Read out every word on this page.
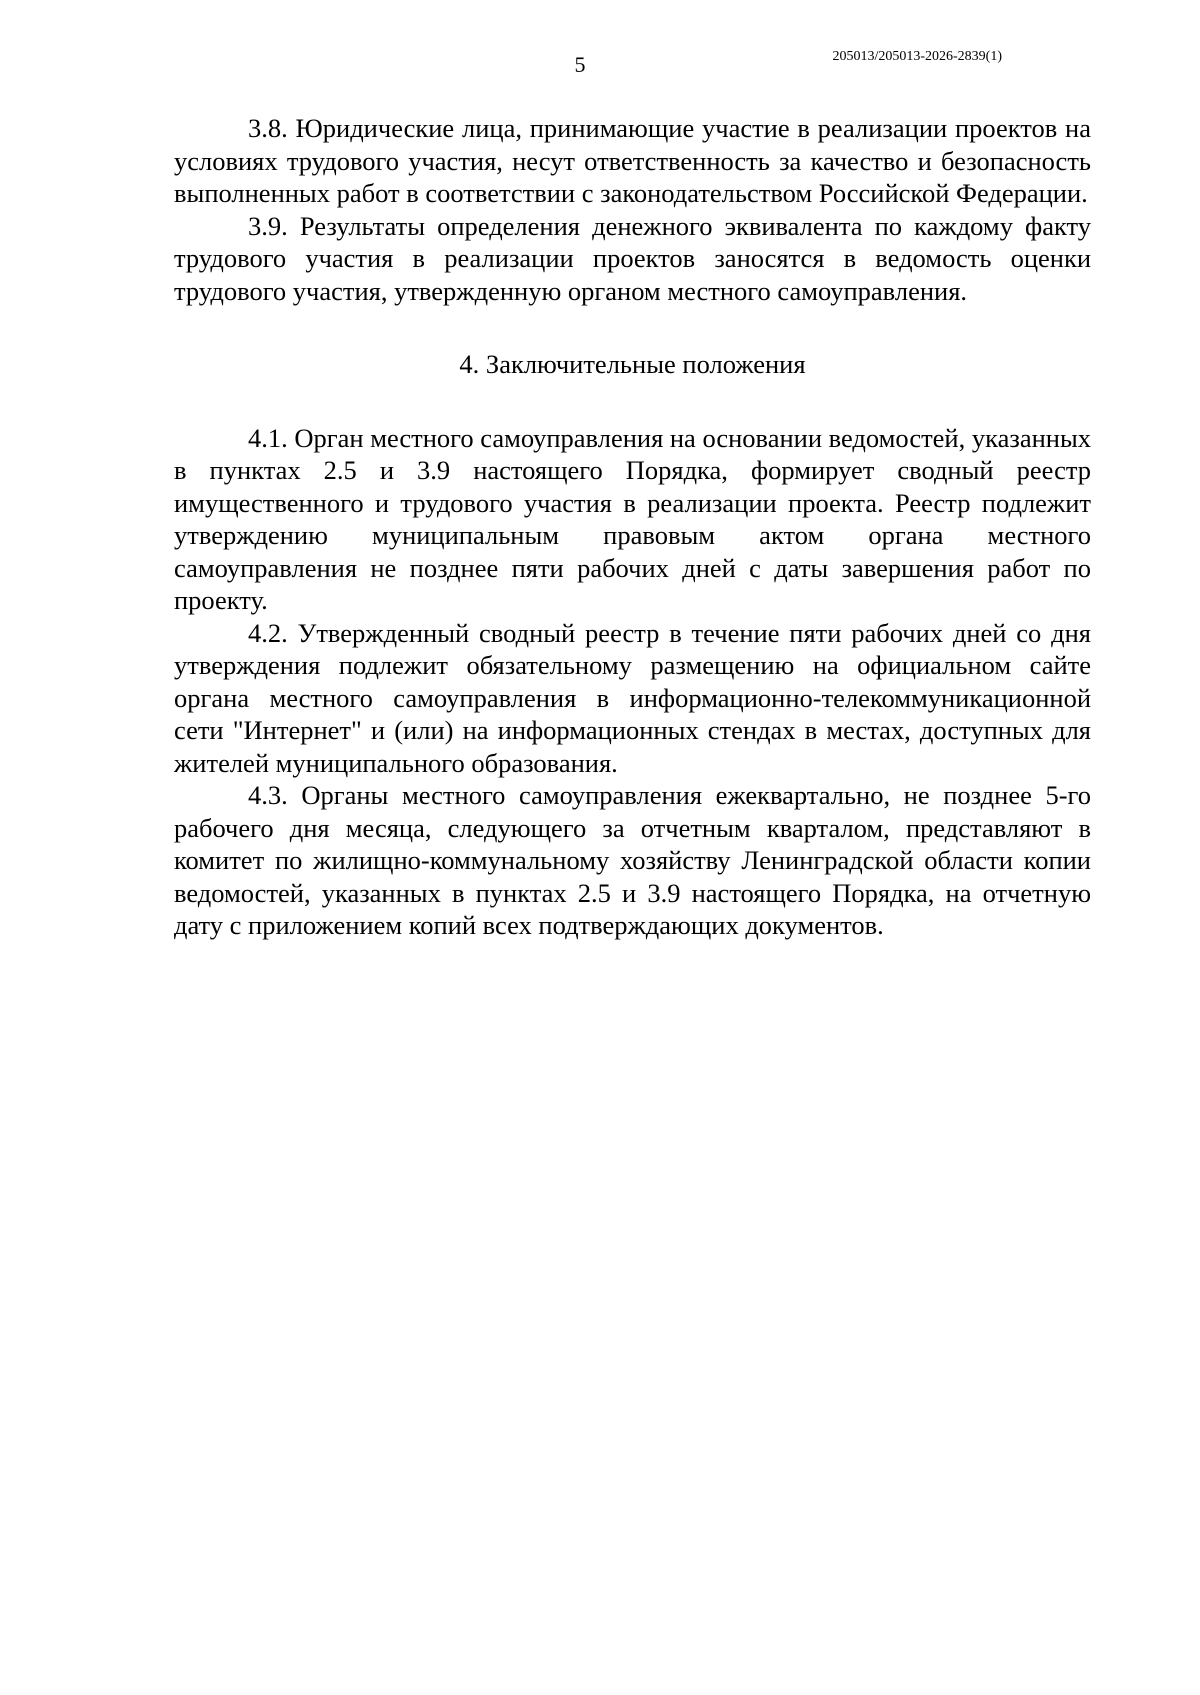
5	205013/205013-2026-2839(1)

3.8. Юридические лица, принимающие участие в реализации проектов на условиях трудового участия, несут ответственность за качество и безопасность выполненных работ в соответствии с законодательством Российской Федерации.

3.9. Результаты определения денежного эквивалента по каждому факту трудового участия в реализации проектов заносятся в ведомость оценки трудового участия, утвержденную органом местного самоуправления.

4. Заключительные положения

4.1. Орган местного самоуправления на основании ведомостей, указанных в пунктах 2.5 и 3.9 настоящего Порядка, формирует сводный реестр имущественного и трудового участия в реализации проекта. Реестр подлежит утверждению муниципальным правовым актом органа местного самоуправления не позднее пяти рабочих дней с даты завершения работ по проекту.

4.2. Утвержденный сводный реестр в течение пяти рабочих дней со дня утверждения подлежит обязательному размещению на официальном сайте органа местного самоуправления в информационно-телекоммуникационной сети "Интернет" и (или) на информационных стендах в местах, доступных для жителей муниципального образования.

4.3. Органы местного самоуправления ежеквартально, не позднее 5-го рабочего дня месяца, следующего за отчетным кварталом, представляют в комитет по жилищно-коммунальному хозяйству Ленинградской области копии ведомостей, указанных в пунктах 2.5 и 3.9 настоящего Порядка, на отчетную дату с приложением копий всех подтверждающих документов.
